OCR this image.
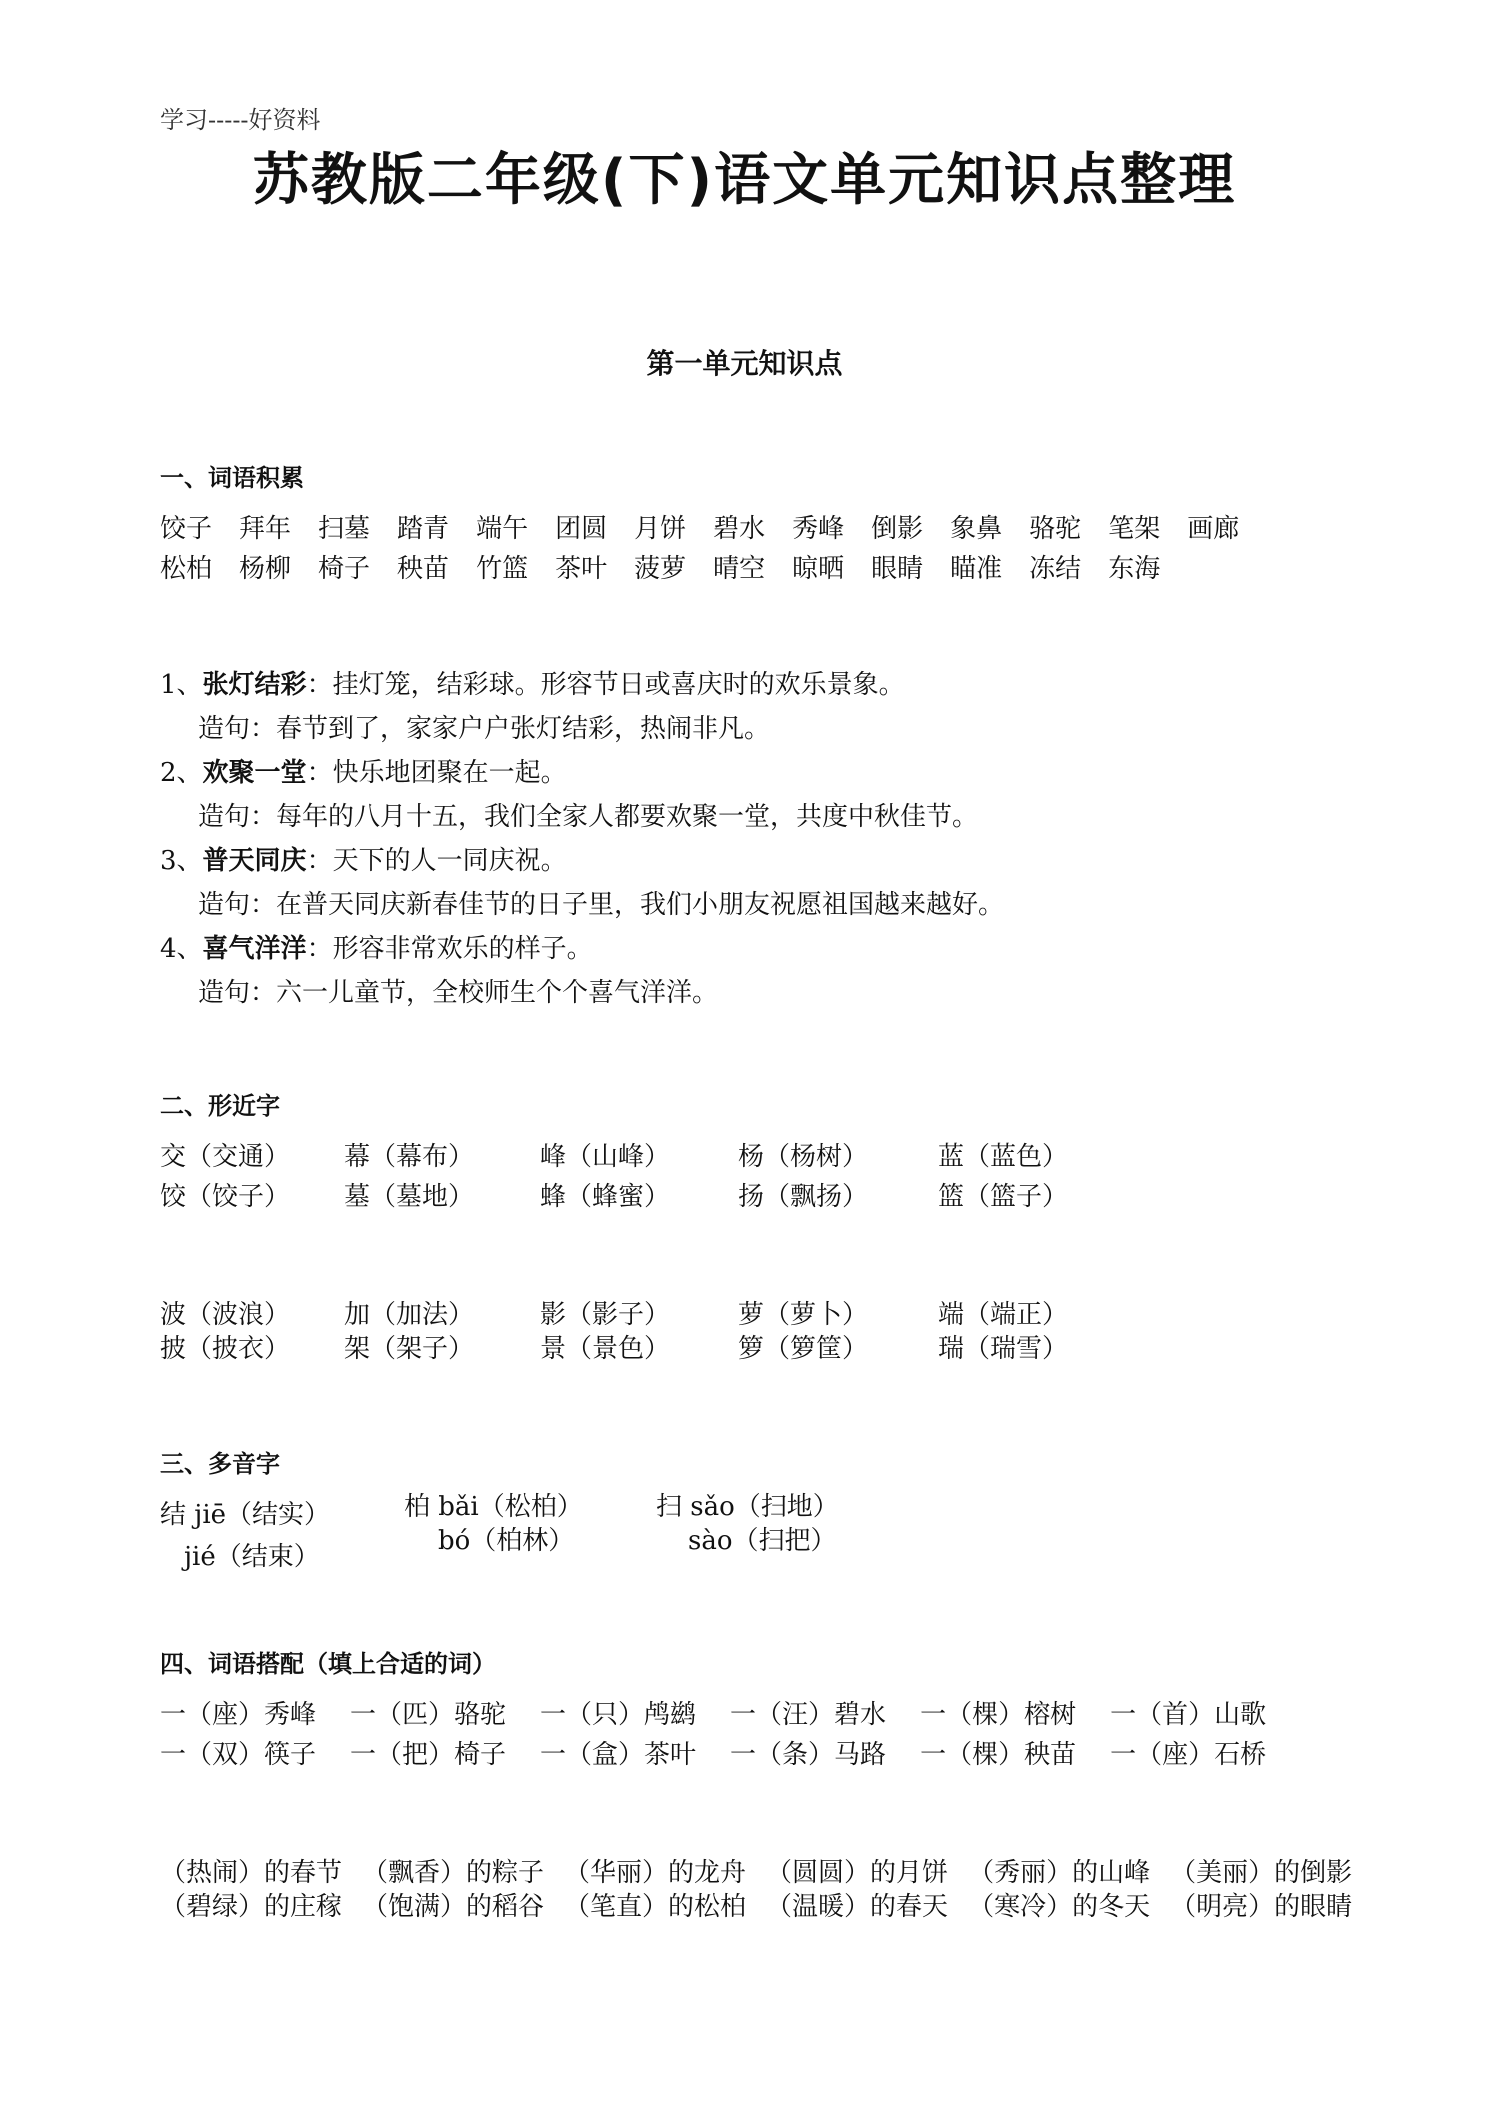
学习-----好资料
苏教版二年级(下)语文单元知识点整理
第一单元知识点
一、词语积累
饺子 拜年 扫墓 踏青 端午 团圆 月饼 碧水 秀峰 倒影 象鼻 骆驼 笔架 画廊
松柏 杨柳 椅子 秧苗 竹篮 茶叶 菠萝 晴空 晾晒 眼睛 瞄准 冻结 东海
1、张灯结彩：挂灯笼，结彩球。形容节日或喜庆时的欢乐景象。
造句：春节到了，家家户户张灯结彩，热闹非凡。
2、欢聚一堂：快乐地团聚在一起。
造句：每年的八月十五，我们全家人都要欢聚一堂，共度中秋佳节。
3、普天同庆：天下的人一同庆祝。
造句：在普天同庆新春佳节的日子里，我们小朋友祝愿祖国越来越好。
4、喜气洋洋：形容非常欢乐的样子。
造句：六一儿童节，全校师生个个喜气洋洋。
二、形近字
交（交通） 幕（幕布）	峰（山峰）	杨（杨树）	蓝（蓝色）
饺（饺子） 墓（墓地）	蜂（蜂蜜）	扬（飘扬）	篮（篮子）
波（波浪） 加（加法）	影（影子）	萝（萝卜）	端（端正）
披（披衣） 架（架子）	景（景色）	箩（箩筐）	瑞（瑞雪）
三、多音字
结 jiē（结实）
jié（结束）
柏 bǎi（松柏）
bó（柏林）
扫 sǎo（扫地）
sào（扫把）
四、词语搭配（填上合适的词）
一（座）秀峰 一（匹）骆驼 一（只）鸬鹚 一（汪）碧水 一（棵）榕树 一（首）山歌
一（双）筷子 一（把）椅子 一（盒）茶叶 一（条）马路 一（棵）秧苗 一（座）石桥
（热闹）的春节 （飘香）的粽子 （华丽）的龙舟 （圆圆）的月饼 （秀丽）的山峰 （美丽）的倒影
（碧绿）的庄稼 （饱满）的稻谷 （笔直）的松柏 （温暖）的春天 （寒冷）的冬天 （明亮）的眼睛
